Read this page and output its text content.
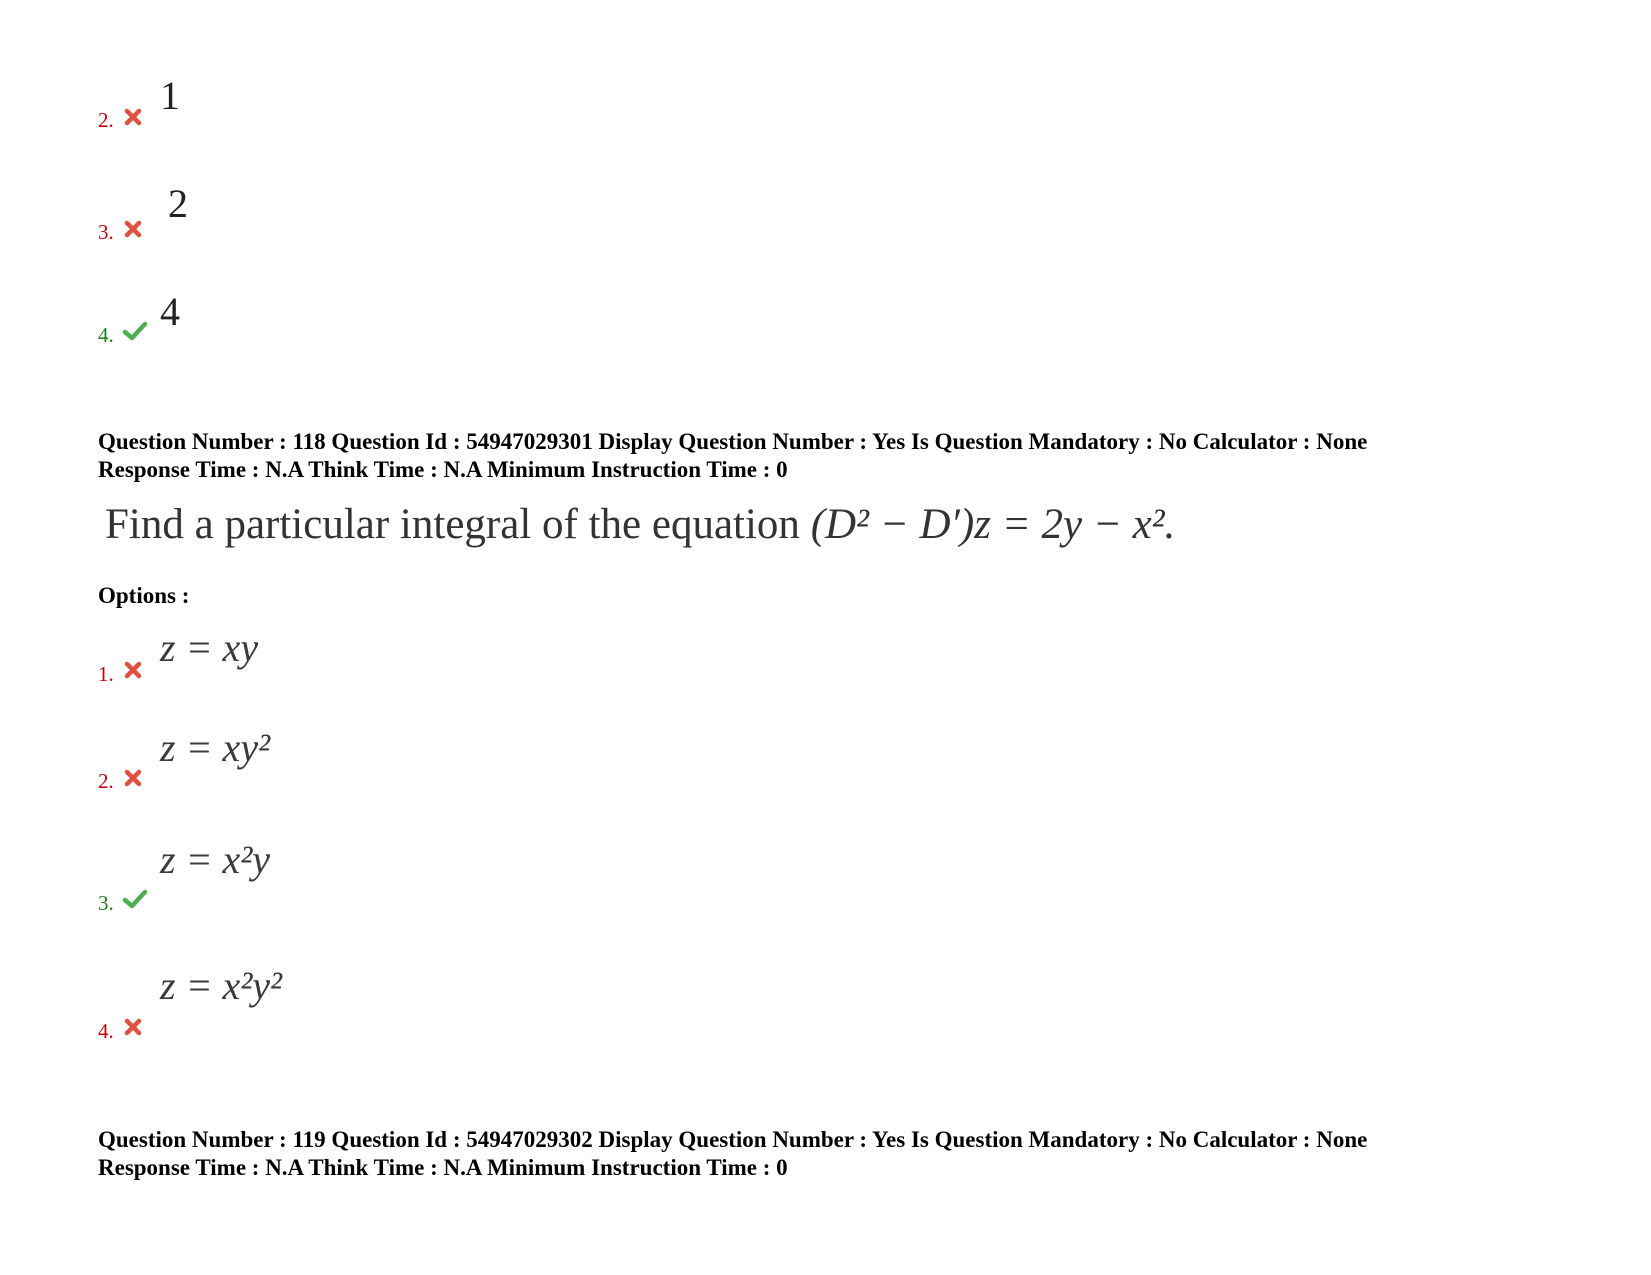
2.
1
3.
2
4.
4
Question Number : 118 Question Id : 54947029301 Display Question Number : Yes Is Question Mandatory : No Calculator : None
Response Time : N.A Think Time : N.A Minimum Instruction Time : 0
Find a particular integral of the equation (D² − D′)z = 2y − x².
Options :
1.
z = xy
2.
z = xy²
3.
z = x²y
4.
z = x²y²
Question Number : 119 Question Id : 54947029302 Display Question Number : Yes Is Question Mandatory : No Calculator : None
Response Time : N.A Think Time : N.A Minimum Instruction Time : 0
